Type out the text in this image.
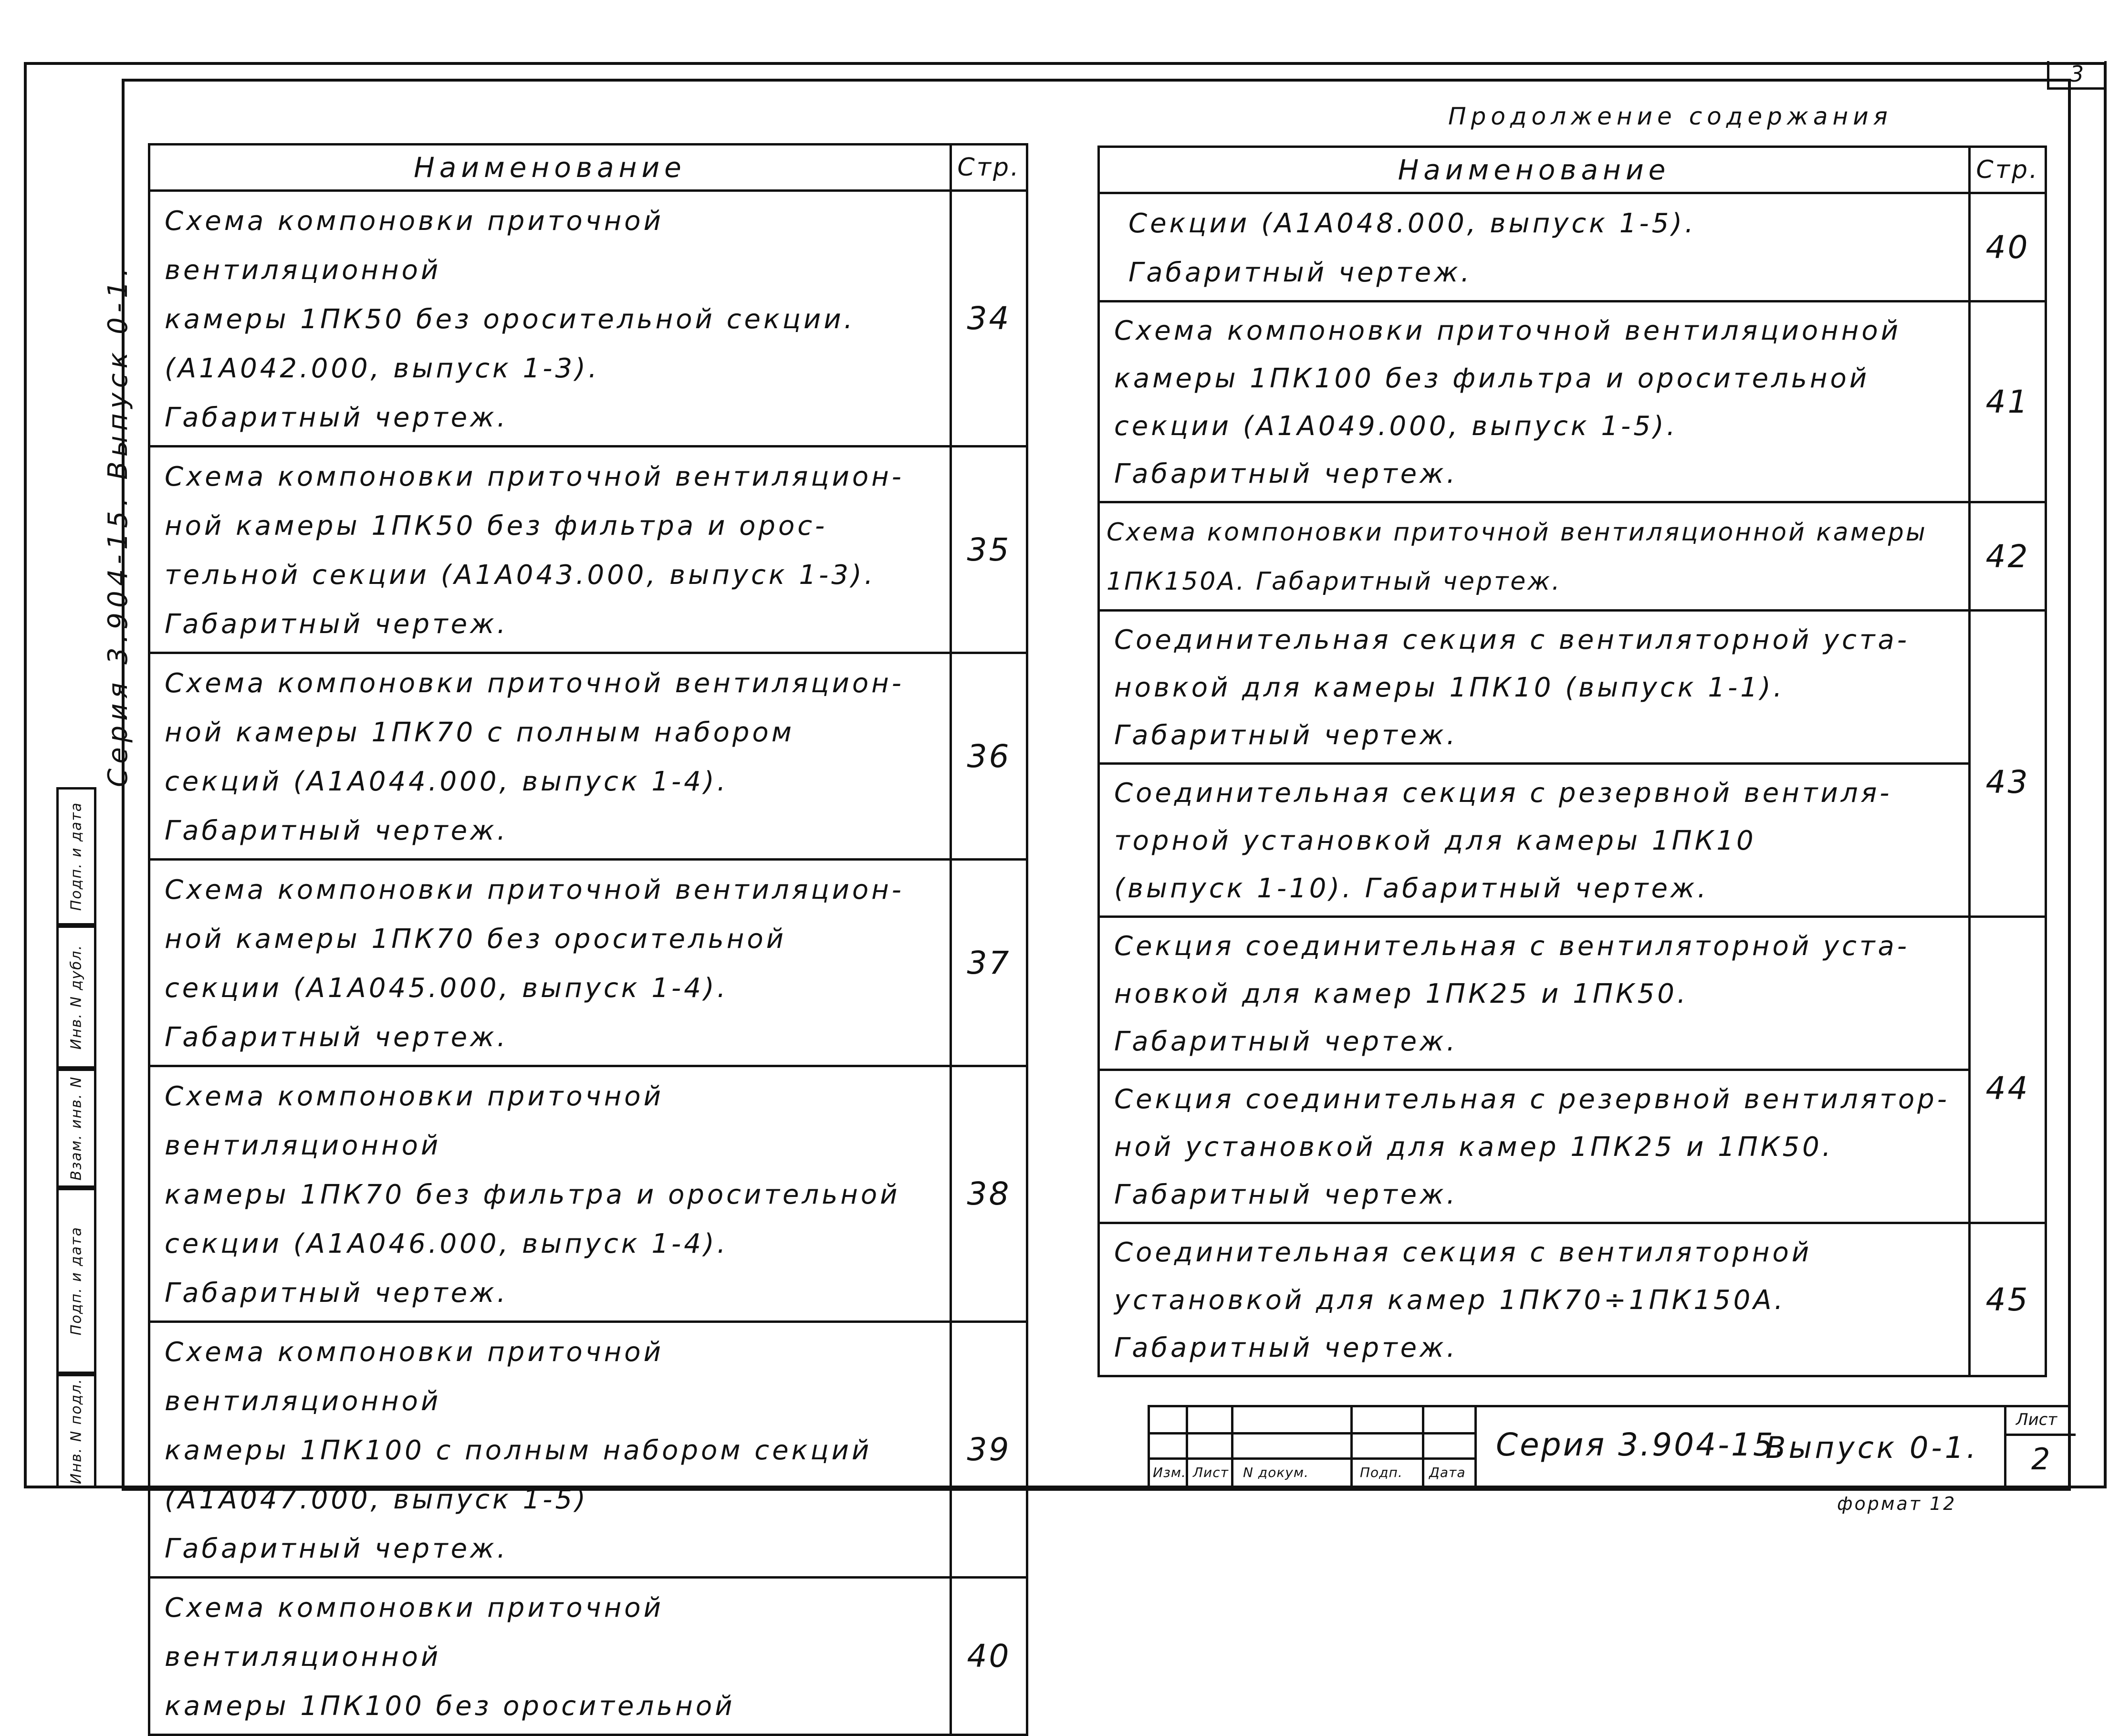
3
Серия 3.904-15. Выпуск 0-1.
Подп. и дата
Инв. N дубл.
Взам. инв. N
Подп. и дата
Инв. N подл.
Продолжение содержания
Наименование	Стр.

Схема компоновки приточной вентиляционной
камеры 1ПК50 без оросительной секции.
(А1А042.000, выпуск 1-3).
Габаритный чертеж.	34

Схема компоновки приточной вентиляцион-
ной камеры 1ПК50 без фильтра и орос-
тельной секции (А1А043.000, выпуск 1-3).
Габаритный чертеж.	35

Схема компоновки приточной вентиляцион-
ной камеры 1ПК70 с полным набором
секций (А1А044.000, выпуск 1-4).
Габаритный чертеж.	36

Схема компоновки приточной вентиляцион-
ной камеры 1ПК70 без оросительной
секции (А1А045.000, выпуск 1-4).
Габаритный чертеж.	37

Схема компоновки приточной вентиляционной
камеры 1ПК70 без фильтра и оросительной
секции (А1А046.000, выпуск 1-4).
Габаритный чертеж.	38

Схема компоновки приточной вентиляционной
камеры 1ПК100 с полным набором секций
(А1А047.000, выпуск 1-5)
Габаритный чертеж.	39

Схема компоновки приточной вентиляционной
камеры 1ПК100 без оросительной	40
Наименование	Стр.

Секции (А1А048.000, выпуск 1-5).
Габаритный чертеж.	40

Схема компоновки приточной вентиляционной
камеры 1ПК100 без фильтра и оросительной
секции (А1А049.000, выпуск 1-5).
Габаритный чертеж.	41

Схема компоновки приточной вентиляционной камеры
1ПК150А. Габаритный чертеж.	42

Соединительная секция с вентиляторной уста-
новкой для камеры 1ПК10 (выпуск 1-1).
Габаритный чертеж.	

Соединительная секция с резервной вентиля-
торной установкой для камеры 1ПК10
(выпуск 1-10). Габаритный чертеж.	43

Секция соединительная с вентиляторной уста-
новкой для камер 1ПК25 и 1ПК50.
Габаритный чертеж.	

Секция соединительная с резервной вентилятор-
ной установкой для камер 1ПК25 и 1ПК50.
Габаритный чертеж.	44

Соединительная секция с вентиляторной
установкой для камер 1ПК70÷1ПК150А.
Габаритный чертеж.	45
Изм. Лист N докум.	Подп. Дата
Серия 3.904-15.
Выпуск 0-1.
Лист
2
формат 12
